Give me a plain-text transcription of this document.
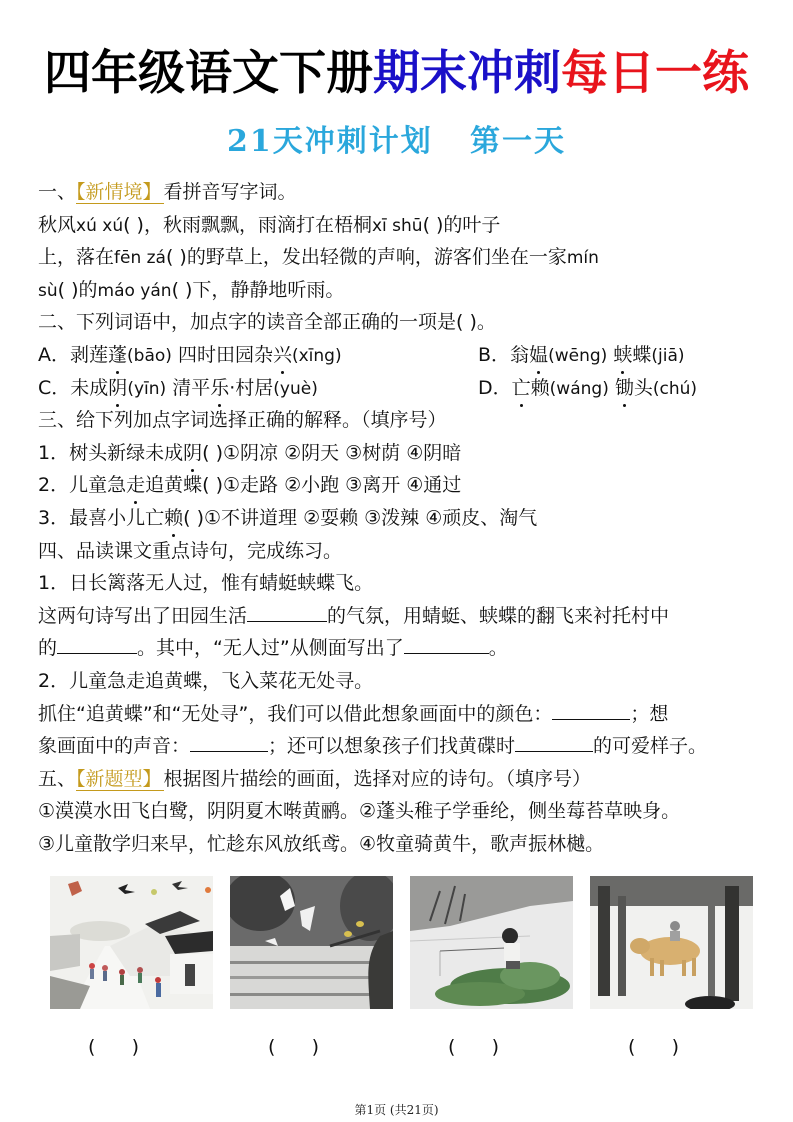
四年级语文下册期末冲刺每日一练
21天冲刺计划   第一天
一、【新情境】 看拼音写字词。
秋风xú xú( )，秋雨飘飘，雨滴打在梧桐xī shū( )的叶子
上，落在fēn zá( )的野草上，发出轻微的声响，游客们坐在一家mín
sù( )的máo yán( )下，静静地听雨。
二、下列词语中，加点字的读音全部正确的一项是( )。
A．剥莲蓬(bāo) 四时田园杂兴(xīng)	B．翁媪(wēng) 蛱蝶(jiā)
C．未成阴(yīn) 清平乐·村居(yuè)	D．亡赖(wáng) 锄头(chú)
三、给下列加点字词选择正确的解释。（填序号）
1．树头新绿未成阴( )①阴凉 ②阴天 ③树荫 ④阴暗
2．儿童急走追黄蝶( )①走路 ②小跑 ③离开 ④通过
3．最喜小儿亡赖( )①不讲道理 ②耍赖 ③泼辣 ④顽皮、淘气
四、品读课文重点诗句，完成练习。
1．日长篱落无人过，惟有蜻蜓蛱蝶飞。
这两句诗写出了田园生活	的气氛，用蜻蜓、蛱蝶的翻飞来衬托村中
的	。其中，“无人过”从侧面写出了	。
2．儿童急走追黄蝶，飞入菜花无处寻。
抓住“追黄蝶”和“无处寻”，我们可以借此想象画面中的颜色：	；想
象画面中的声音：	；还可以想象孩子们找黄碟时	的可爱样子。
五、【新题型】 根据图片描绘的画面，选择对应的诗句。（填序号）
①漠漠水田飞白鹭，阴阴夏木啭黄鹂。②蓬头稚子学垂纶，侧坐莓苔草映身。
③儿童散学归来早，忙趁东风放纸鸢。④牧童骑黄牛，歌声振林樾。
(      )	(      )	(      )	(      )
第1页 (共21页)
